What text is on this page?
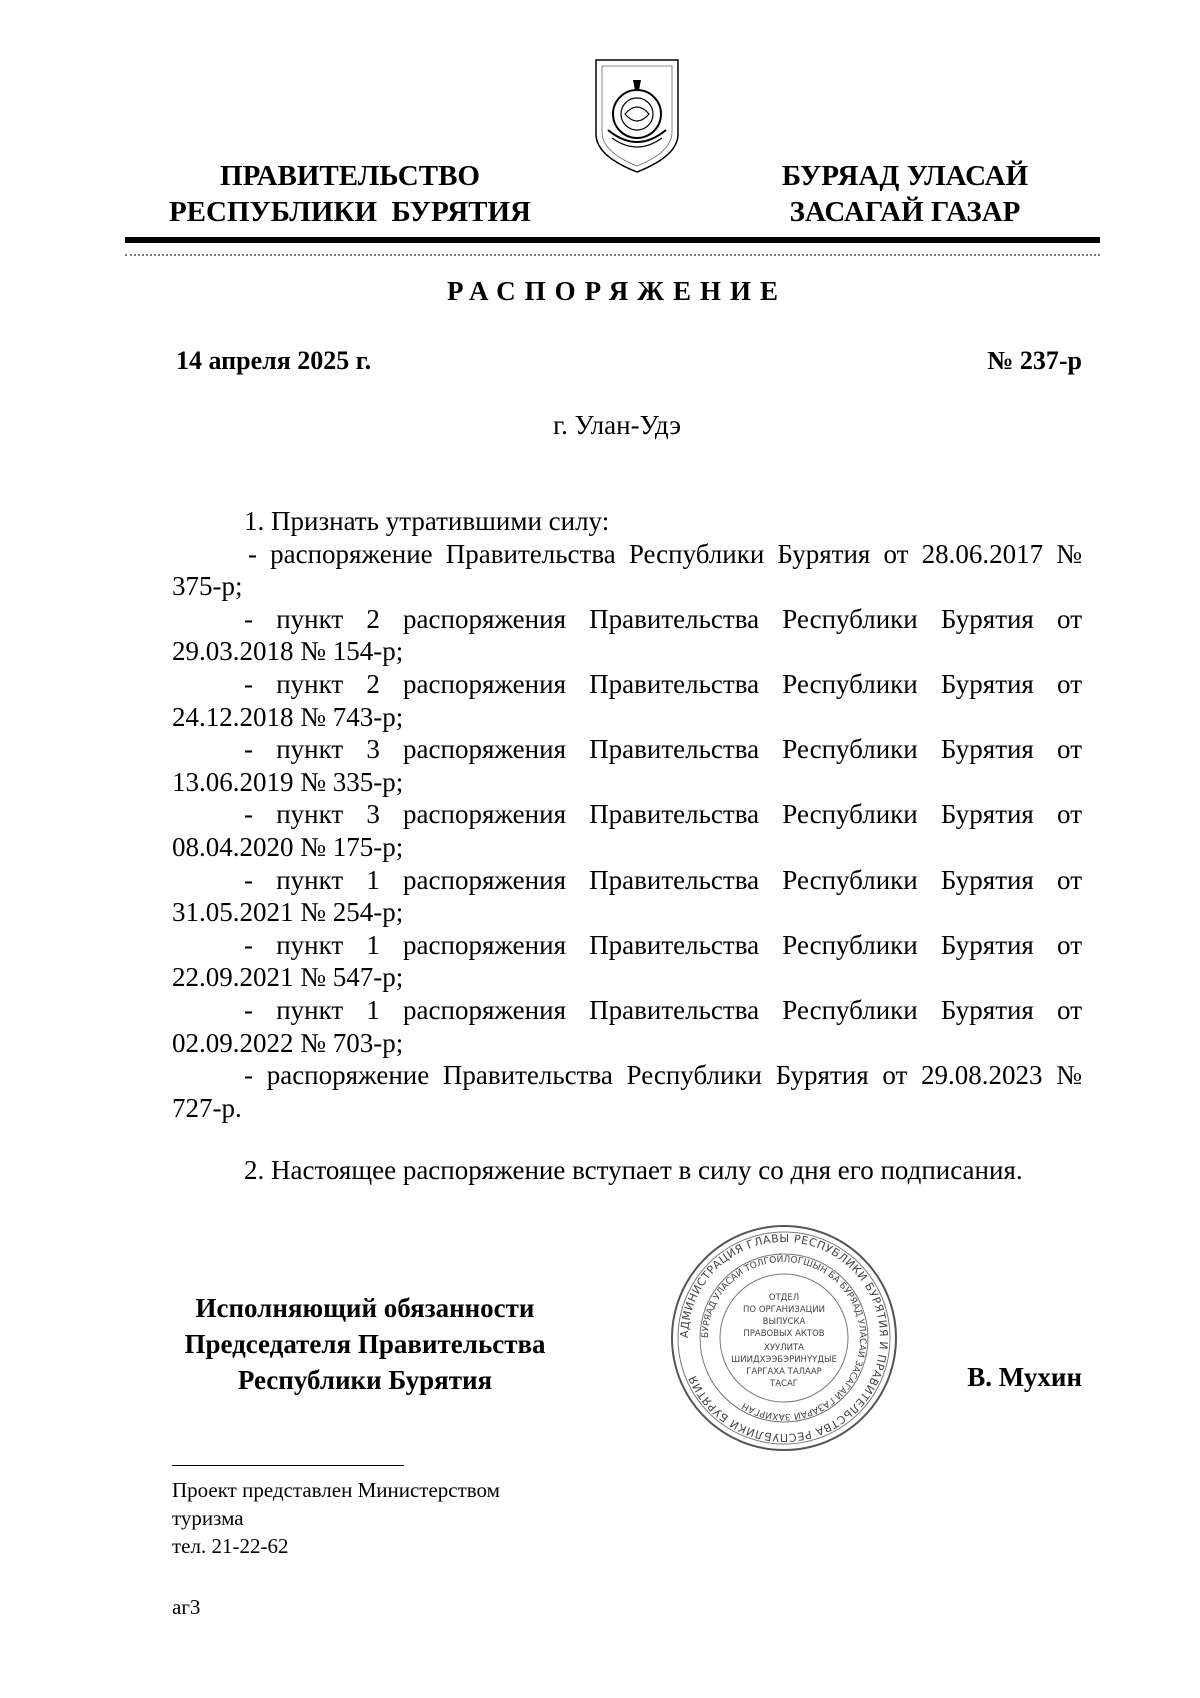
ПРАВИТЕЛЬСТВО
РЕСПУБЛИКИ  БУРЯТИЯ
БУРЯАД УЛАСАЙ
ЗАСАГАЙ ГАЗАР
РАСПОРЯЖЕНИЕ
14 апреля 2025 г.	№ 237-р
г. Улан-Удэ

1. Признать утратившими силу:

- распоряжение Правительства Республики Бурятия от 28.06.2017 № 375-р;

- пункт 2 распоряжения Правительства Республики Бурятия от 29.03.2018 № 154-р;

- пункт 2 распоряжения Правительства Республики Бурятия от 24.12.2018 № 743-р;

- пункт 3 распоряжения Правительства Республики Бурятия от 13.06.2019 № 335-р;

- пункт 3 распоряжения Правительства Республики Бурятия от 08.04.2020 № 175-р;

- пункт 1 распоряжения Правительства Республики Бурятия от 31.05.2021 № 254-р;

- пункт 1 распоряжения Правительства Республики Бурятия от 22.09.2021 № 547-р;

- пункт 1 распоряжения Правительства Республики Бурятия от 02.09.2022 № 703-р;

- распоряжение Правительства Республики Бурятия от 29.08.2023 № 727-р.

2. Настоящее распоряжение вступает в силу со дня его подписания.

Исполняющий обязанности
Председателя Правительства
Республики Бурятия	В. Мухин
АДМИНИСТРАЦИЯ ГЛАВЫ РЕСПУБЛИКИ БУРЯТИЯ И ПРАВИТЕЛЬСТВА РЕСПУБЛИКИ БУРЯТИЯ
БУРЯАД УЛАСАЙ ТОЛГОЙЛОГШЫН БА БУРЯАД УЛАСАЙ ЗАСАГАЙ ГАЗАРАЙ ЗАХИРГАН
ОТДЕЛ
ПО ОРГАНИЗАЦИИ
ВЫПУСКА
ПРАВОВЫХ АКТОВ
ХУУЛИТА
ШИИДХЭЭБЭРИНҮҮДЫЕ
ГАРГАХА ТАЛААР
ТАСАГ
Проект представлен Министерством
туризма
тел. 21-22-62
аг3
